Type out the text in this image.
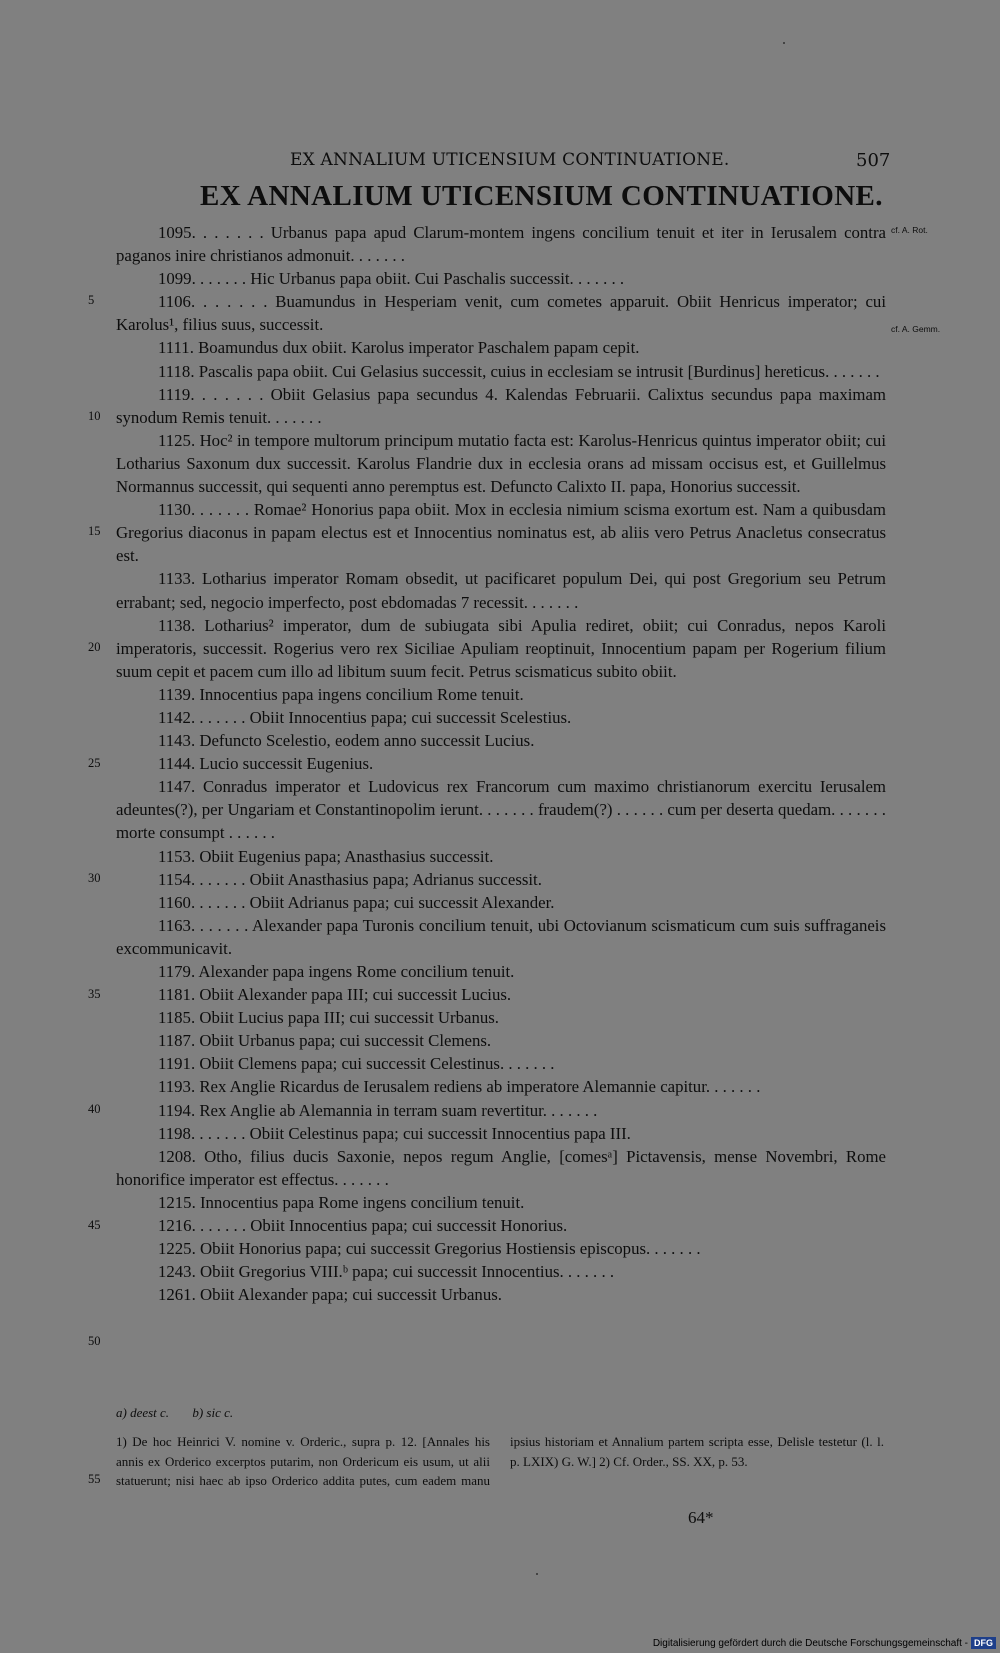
EX ANNALIUM UTICENSIUM CONTINUATIONE.	507
EX ANNALIUM UTICENSIUM CONTINUATIONE.
cf. A. Rot.
cf. A. Gemm.
5
10
15
20
25
30
35
40
45
50
55

1095. . . . . . . Urbanus papa apud Clarum-montem ingens concilium tenuit et iter in Ierusalem contra paganos inire christianos admonuit. . . . . . .

1099. . . . . . . Hic Urbanus papa obiit. Cui Paschalis successit. . . . . . .

1106. . . . . . . Buamundus in Hesperiam venit, cum cometes apparuit. Obiit Henricus imperator; cui Karolus¹, filius suus, successit.

1111. Boamundus dux obiit. Karolus imperator Paschalem papam cepit.

1118. Pascalis papa obiit. Cui Gelasius successit, cuius in ecclesiam se intrusit [Burdinus] hereticus. . . . . . .

1119. . . . . . . Obiit Gelasius papa secundus 4. Kalendas Februarii. Calixtus secundus papa maximam synodum Remis tenuit. . . . . . .

1125. Hoc² in tempore multorum principum mutatio facta est: Karolus-Henricus quintus imperator obiit; cui Lotharius Saxonum dux successit. Karolus Flandrie dux in ecclesia orans ad missam occisus est, et Guillelmus Normannus successit, qui sequenti anno peremptus est. Defuncto Calixto II. papa, Honorius successit.

1130. . . . . . . Romae² Honorius papa obiit. Mox in ecclesia nimium scisma exortum est. Nam a quibusdam Gregorius diaconus in papam electus est et Innocentius nominatus est, ab aliis vero Petrus Anacletus consecratus est.

1133. Lotharius imperator Romam obsedit, ut pacificaret populum Dei, qui post Gregorium seu Petrum errabant; sed, negocio imperfecto, post ebdomadas 7 recessit. . . . . . .

1138. Lotharius² imperator, dum de subiugata sibi Apulia rediret, obiit; cui Conradus, nepos Karoli imperatoris, successit. Rogerius vero rex Siciliae Apuliam reoptinuit, Innocentium papam per Rogerium filium suum cepit et pacem cum illo ad libitum suum fecit. Petrus scismaticus subito obiit.

1139. Innocentius papa ingens concilium Rome tenuit.

1142. . . . . . . Obiit Innocentius papa; cui successit Scelestius.

1143. Defuncto Scelestio, eodem anno successit Lucius.

1144. Lucio successit Eugenius.

1147. Conradus imperator et Ludovicus rex Francorum cum maximo christianorum exercitu Ierusalem adeuntes(?), per Ungariam et Constantinopolim ierunt. . . . . . . fraudem(?) . . . . . . cum per deserta quedam. . . . . . . morte consumpt . . . . . .

1153. Obiit Eugenius papa; Anasthasius successit.

1154. . . . . . . Obiit Anasthasius papa; Adrianus successit.

1160. . . . . . . Obiit Adrianus papa; cui successit Alexander.

1163. . . . . . . Alexander papa Turonis concilium tenuit, ubi Octovianum scismaticum cum suis suffraganeis excommunicavit.

1179. Alexander papa ingens Rome concilium tenuit.

1181. Obiit Alexander papa III; cui successit Lucius.

1185. Obiit Lucius papa III; cui successit Urbanus.

1187. Obiit Urbanus papa; cui successit Clemens.

1191. Obiit Clemens papa; cui successit Celestinus. . . . . . .

1193. Rex Anglie Ricardus de Ierusalem rediens ab imperatore Alemannie capitur. . . . . . .

1194. Rex Anglie ab Alemannia in terram suam revertitur. . . . . . .

1198. . . . . . . Obiit Celestinus papa; cui successit Innocentius papa III.

1208. Otho, filius ducis Saxonie, nepos regum Anglie, [comesᵃ] Pictavensis, mense Novembri, Rome honorifice imperator est effectus. . . . . . .

1215. Innocentius papa Rome ingens concilium tenuit.

1216. . . . . . . Obiit Innocentius papa; cui successit Honorius.

1225. Obiit Honorius papa; cui successit Gregorius Hostiensis episcopus. . . . . . .

1243. Obiit Gregorius VIII.ᵇ papa; cui successit Innocentius. . . . . . .

1261. Obiit Alexander papa; cui successit Urbanus.

a) deest c. b) sic c.
1) De hoc Heinrici V. nomine v. Orderic., supra p. 12. [Annales his annis ex Orderico excerptos putarim, non Ordericum eis usum, ut alii statuerunt; nisi haec ab ipso Orderico addita putes, cum eadem manu ipsius historiam et Annalium partem scripta esse, Delisle testetur (l. l. p. LXIX) G. W.] 2) Cf. Order., SS. XX, p. 53.
64*
Digitalisierung gefördert durch die Deutsche Forschungsgemeinschaft - DFG
